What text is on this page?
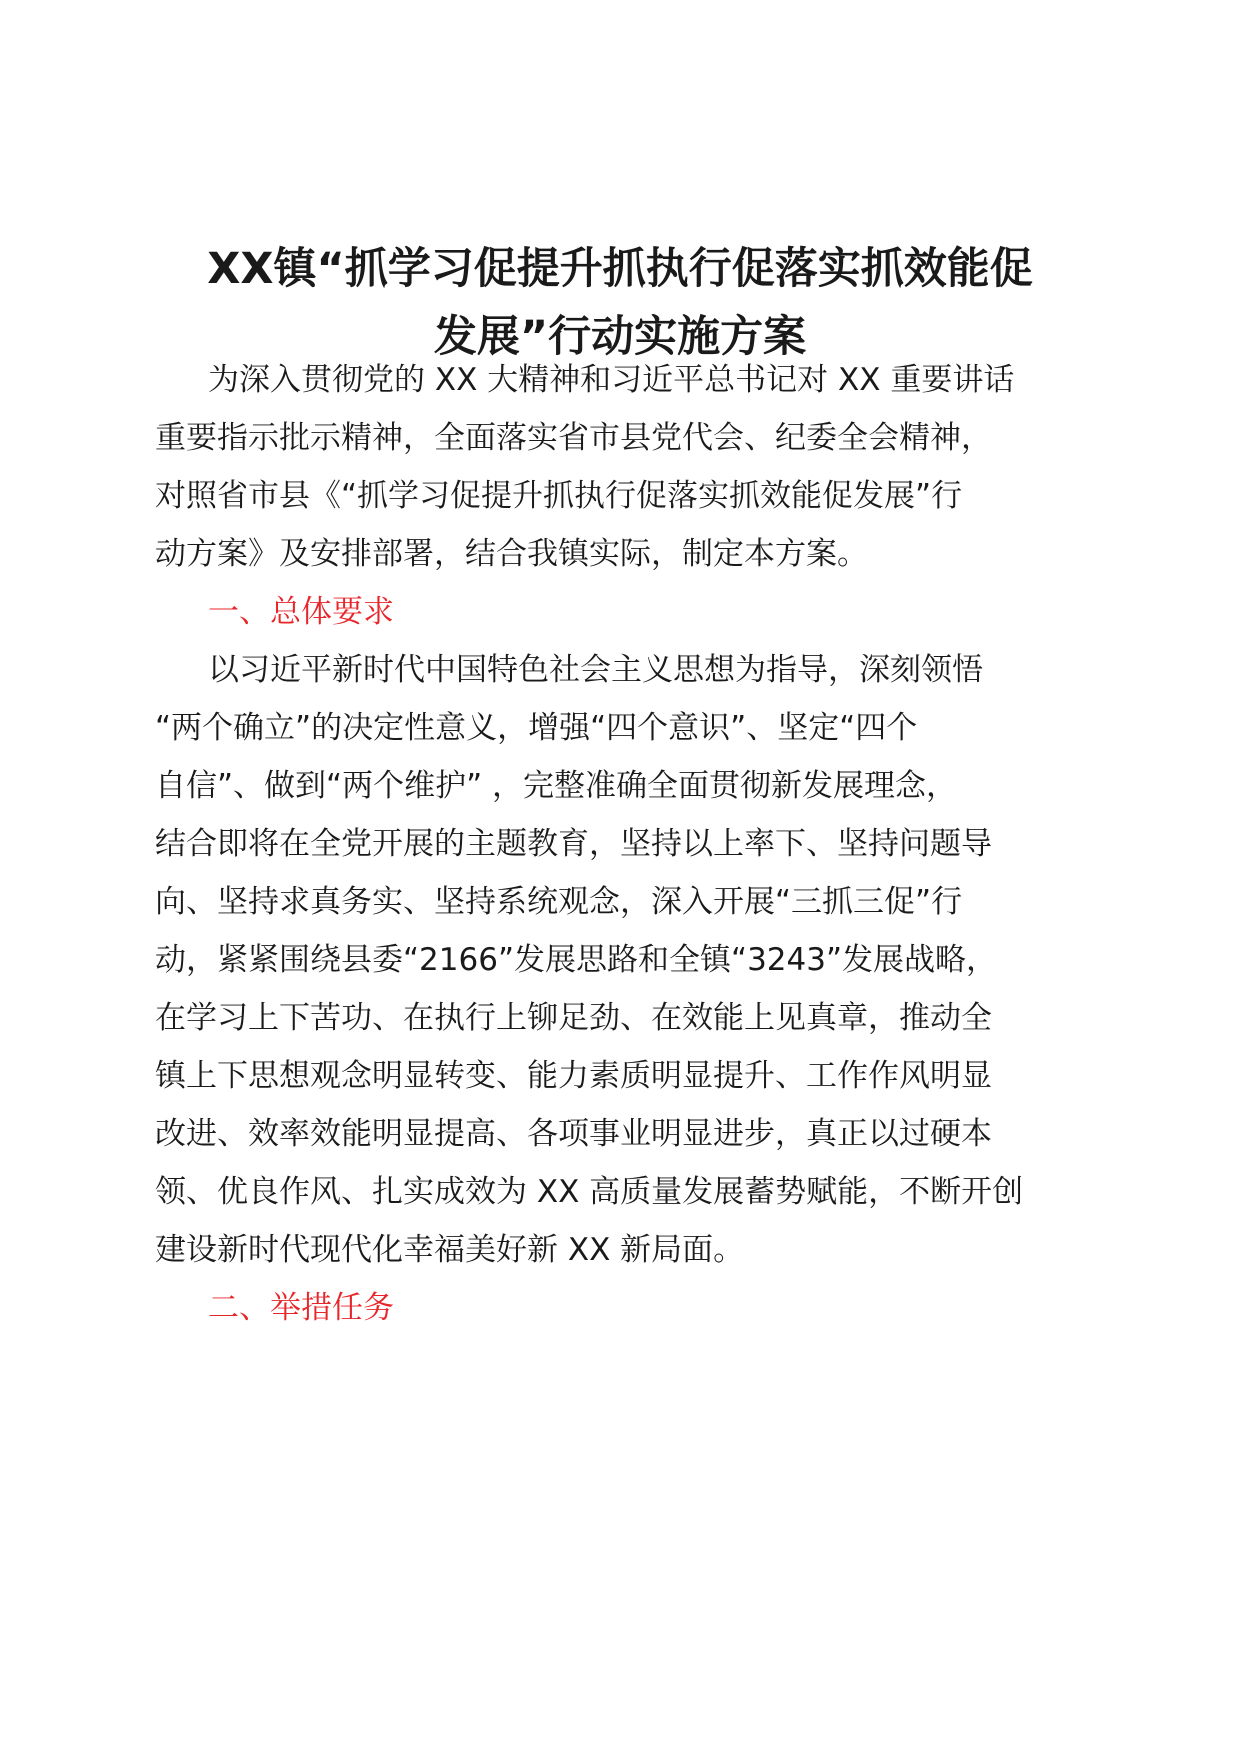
XX镇“抓学习促提升抓执行促落实抓效能促
发展”行动实施方案
为深入贯彻党的 XX 大精神和习近平总书记对 XX 重要讲话
重要指示批示精神，全面落实省市县党代会、纪委全会精神，
对照省市县《“抓学习促提升抓执行促落实抓效能促发展”行
动方案》及安排部署，结合我镇实际，制定本方案。
一、总体要求
以习近平新时代中国特色社会主义思想为指导，深刻领悟
“两个确立”的决定性意义，增强“四个意识”、坚定“四个
自信”、做到“两个维护” ，完整准确全面贯彻新发展理念，
结合即将在全党开展的主题教育，坚持以上率下、坚持问题导
向、坚持求真务实、坚持系统观念，深入开展“三抓三促”行
动，紧紧围绕县委“2166”发展思路和全镇“3243”发展战略，
在学习上下苦功、在执行上铆足劲、在效能上见真章，推动全
镇上下思想观念明显转变、能力素质明显提升、工作作风明显
改进、效率效能明显提高、各项事业明显进步，真正以过硬本
领、优良作风、扎实成效为 XX 高质量发展蓄势赋能，不断开创
建设新时代现代化幸福美好新 XX 新局面。
二、举措任务
